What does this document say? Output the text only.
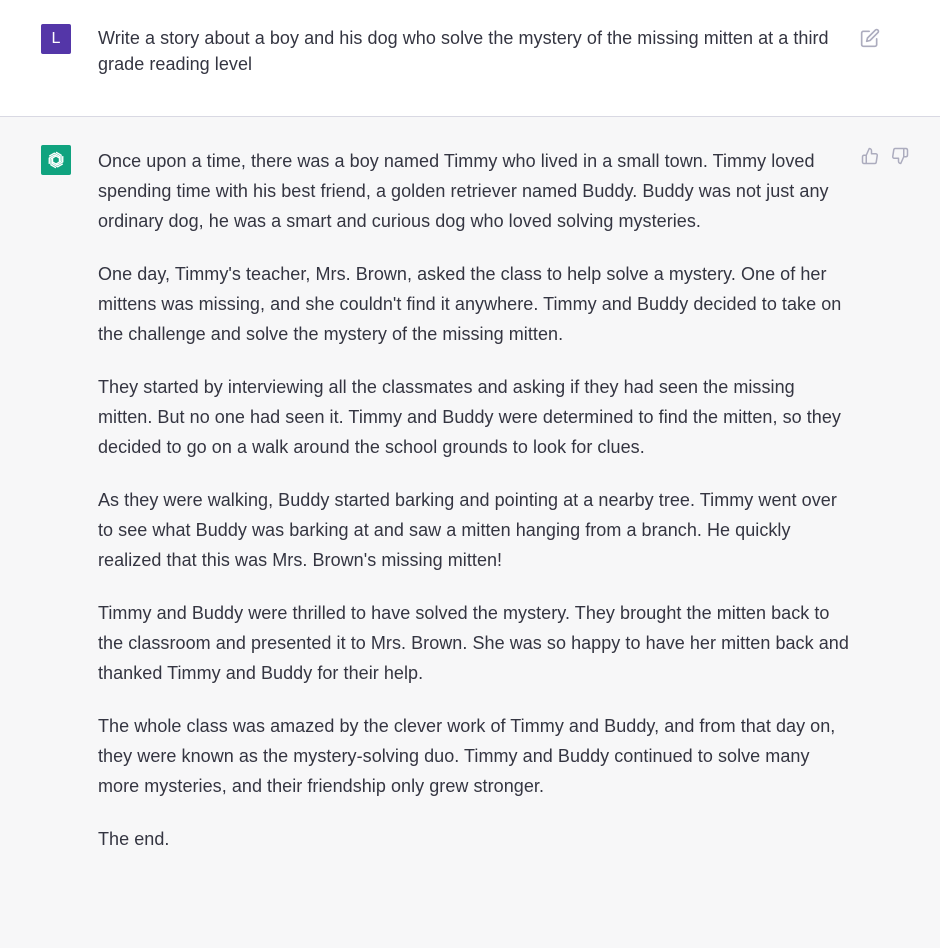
L Write a story about a boy and his dog who solve the mystery of the missing mitten at a third grade reading level

Once upon a time, there was a boy named Timmy who lived in a small town. Timmy loved spending time with his best friend, a golden retriever named Buddy. Buddy was not just any ordinary dog, he was a smart and curious dog who loved solving mysteries.

One day, Timmy's teacher, Mrs. Brown, asked the class to help solve a mystery. One of her mittens was missing, and she couldn't find it anywhere. Timmy and Buddy decided to take on the challenge and solve the mystery of the missing mitten.

They started by interviewing all the classmates and asking if they had seen the missing mitten. But no one had seen it. Timmy and Buddy were determined to find the mitten, so they decided to go on a walk around the school grounds to look for clues.

As they were walking, Buddy started barking and pointing at a nearby tree. Timmy went over to see what Buddy was barking at and saw a mitten hanging from a branch. He quickly realized that this was Mrs. Brown's missing mitten!

Timmy and Buddy were thrilled to have solved the mystery. They brought the mitten back to the classroom and presented it to Mrs. Brown. She was so happy to have her mitten back and thanked Timmy and Buddy for their help.

The whole class was amazed by the clever work of Timmy and Buddy, and from that day on, they were known as the mystery-solving duo. Timmy and Buddy continued to solve many more mysteries, and their friendship only grew stronger.

The end.
